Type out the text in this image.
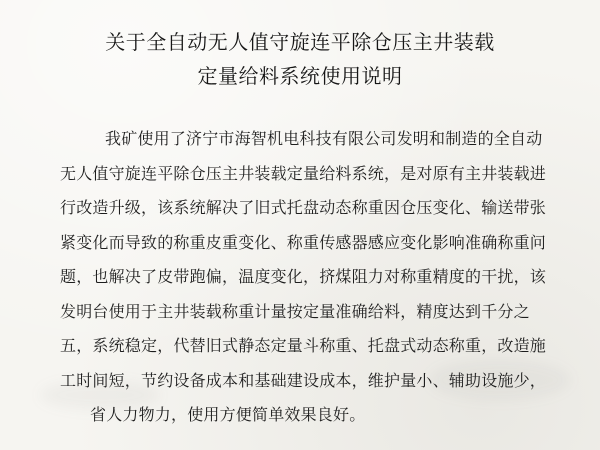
关于全自动无人值守旋连平除仓压主井装载
定量给料系统使用说明
我矿使用了济宁市海智机电科技有限公司发明和制造的全自动
无人值守旋连平除仓压主井装载定量给料系统，是对原有主井装载进
行改造升级，该系统解决了旧式托盘动态称重因仓压变化、输送带张
紧变化而导致的称重皮重变化、称重传感器感应变化影响准确称重问
题，也解决了皮带跑偏，温度变化，挤煤阻力对称重精度的干扰，该
发明台使用于主井装载称重计量按定量准确给料，精度达到千分之
五，系统稳定，代替旧式静态定量斗称重、托盘式动态称重，改造施
工时间短，节约设备成本和基础建设成本，维护量小、辅助设施少，
省人力物力，使用方便简单效果良好。
